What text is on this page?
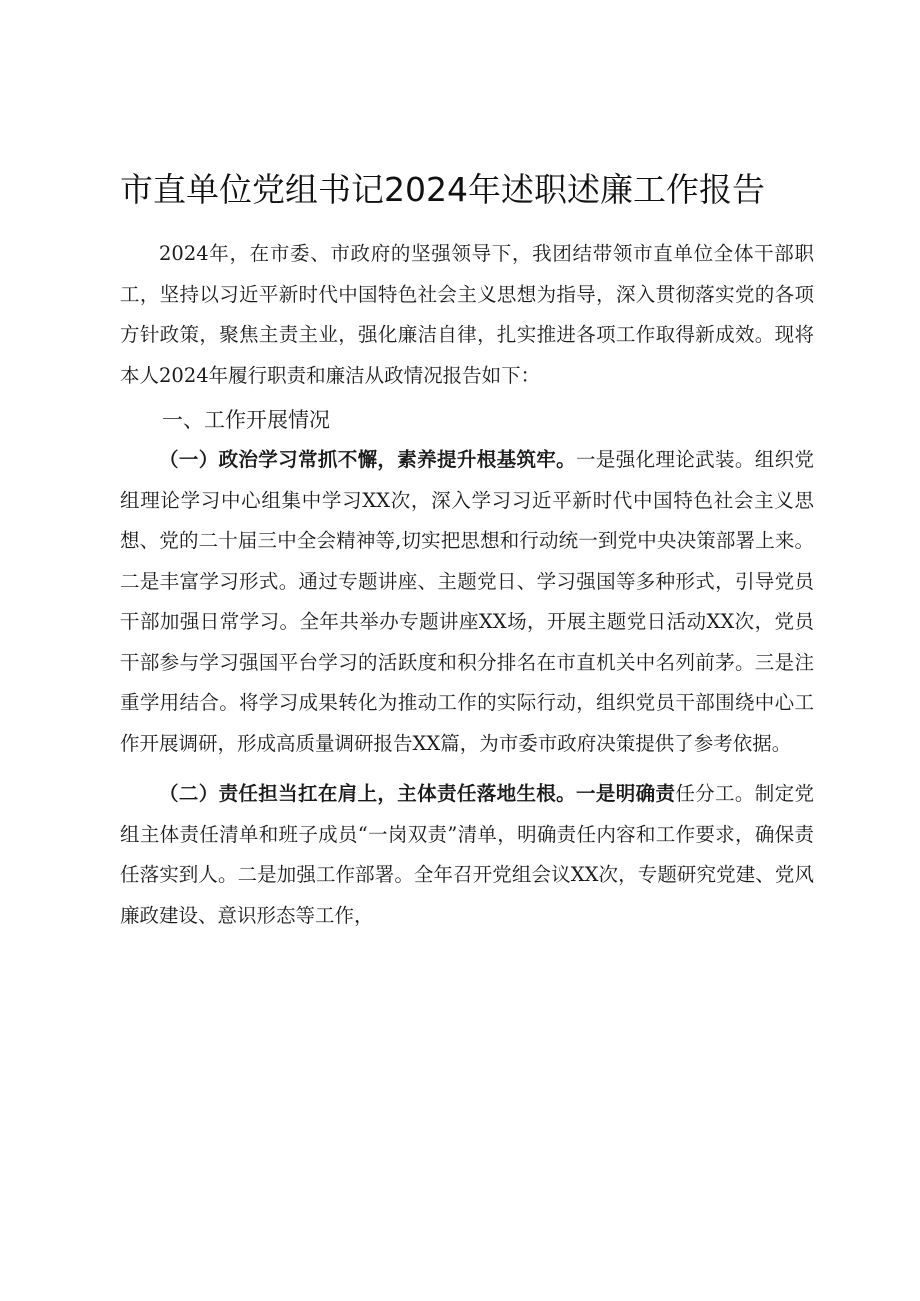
市直单位党组书记2024年述职述廉工作报告

2024年，在市委、市政府的坚强领导下，我团结带领市直单位全体干部职工，坚持以习近平新时代中国特色社会主义思想为指导，深入贯彻落实党的各项方针政策，聚焦主责主业，强化廉洁自律，扎实推进各项工作取得新成效。现将本人2024年履行职责和廉洁从政情况报告如下：

一、工作开展情况

（一）政治学习常抓不懈，素养提升根基筑牢。一是强化理论武装。组织党组理论学习中心组集中学习XX次，深入学习习近平新时代中国特色社会主义思想、党的二十届三中全会精神等,切实把思想和行动统一到党中央决策部署上来。二是丰富学习形式。通过专题讲座、主题党日、学习强国等多种形式，引导党员干部加强日常学习。全年共举办专题讲座XX场，开展主题党日活动XX次，党员干部参与学习强国平台学习的活跃度和积分排名在市直机关中名列前茅。三是注重学用结合。将学习成果转化为推动工作的实际行动，组织党员干部围绕中心工作开展调研，形成高质量调研报告XX篇，为市委市政府决策提供了参考依据。

（二）责任担当扛在肩上，主体责任落地生根。一是明确责任分工。制定党组主体责任清单和班子成员“一岗双责”清单，明确责任内容和工作要求，确保责任落实到人。二是加强工作部署。全年召开党组会议XX次，专题研究党建、党风廉政建设、意识形态等工作，
